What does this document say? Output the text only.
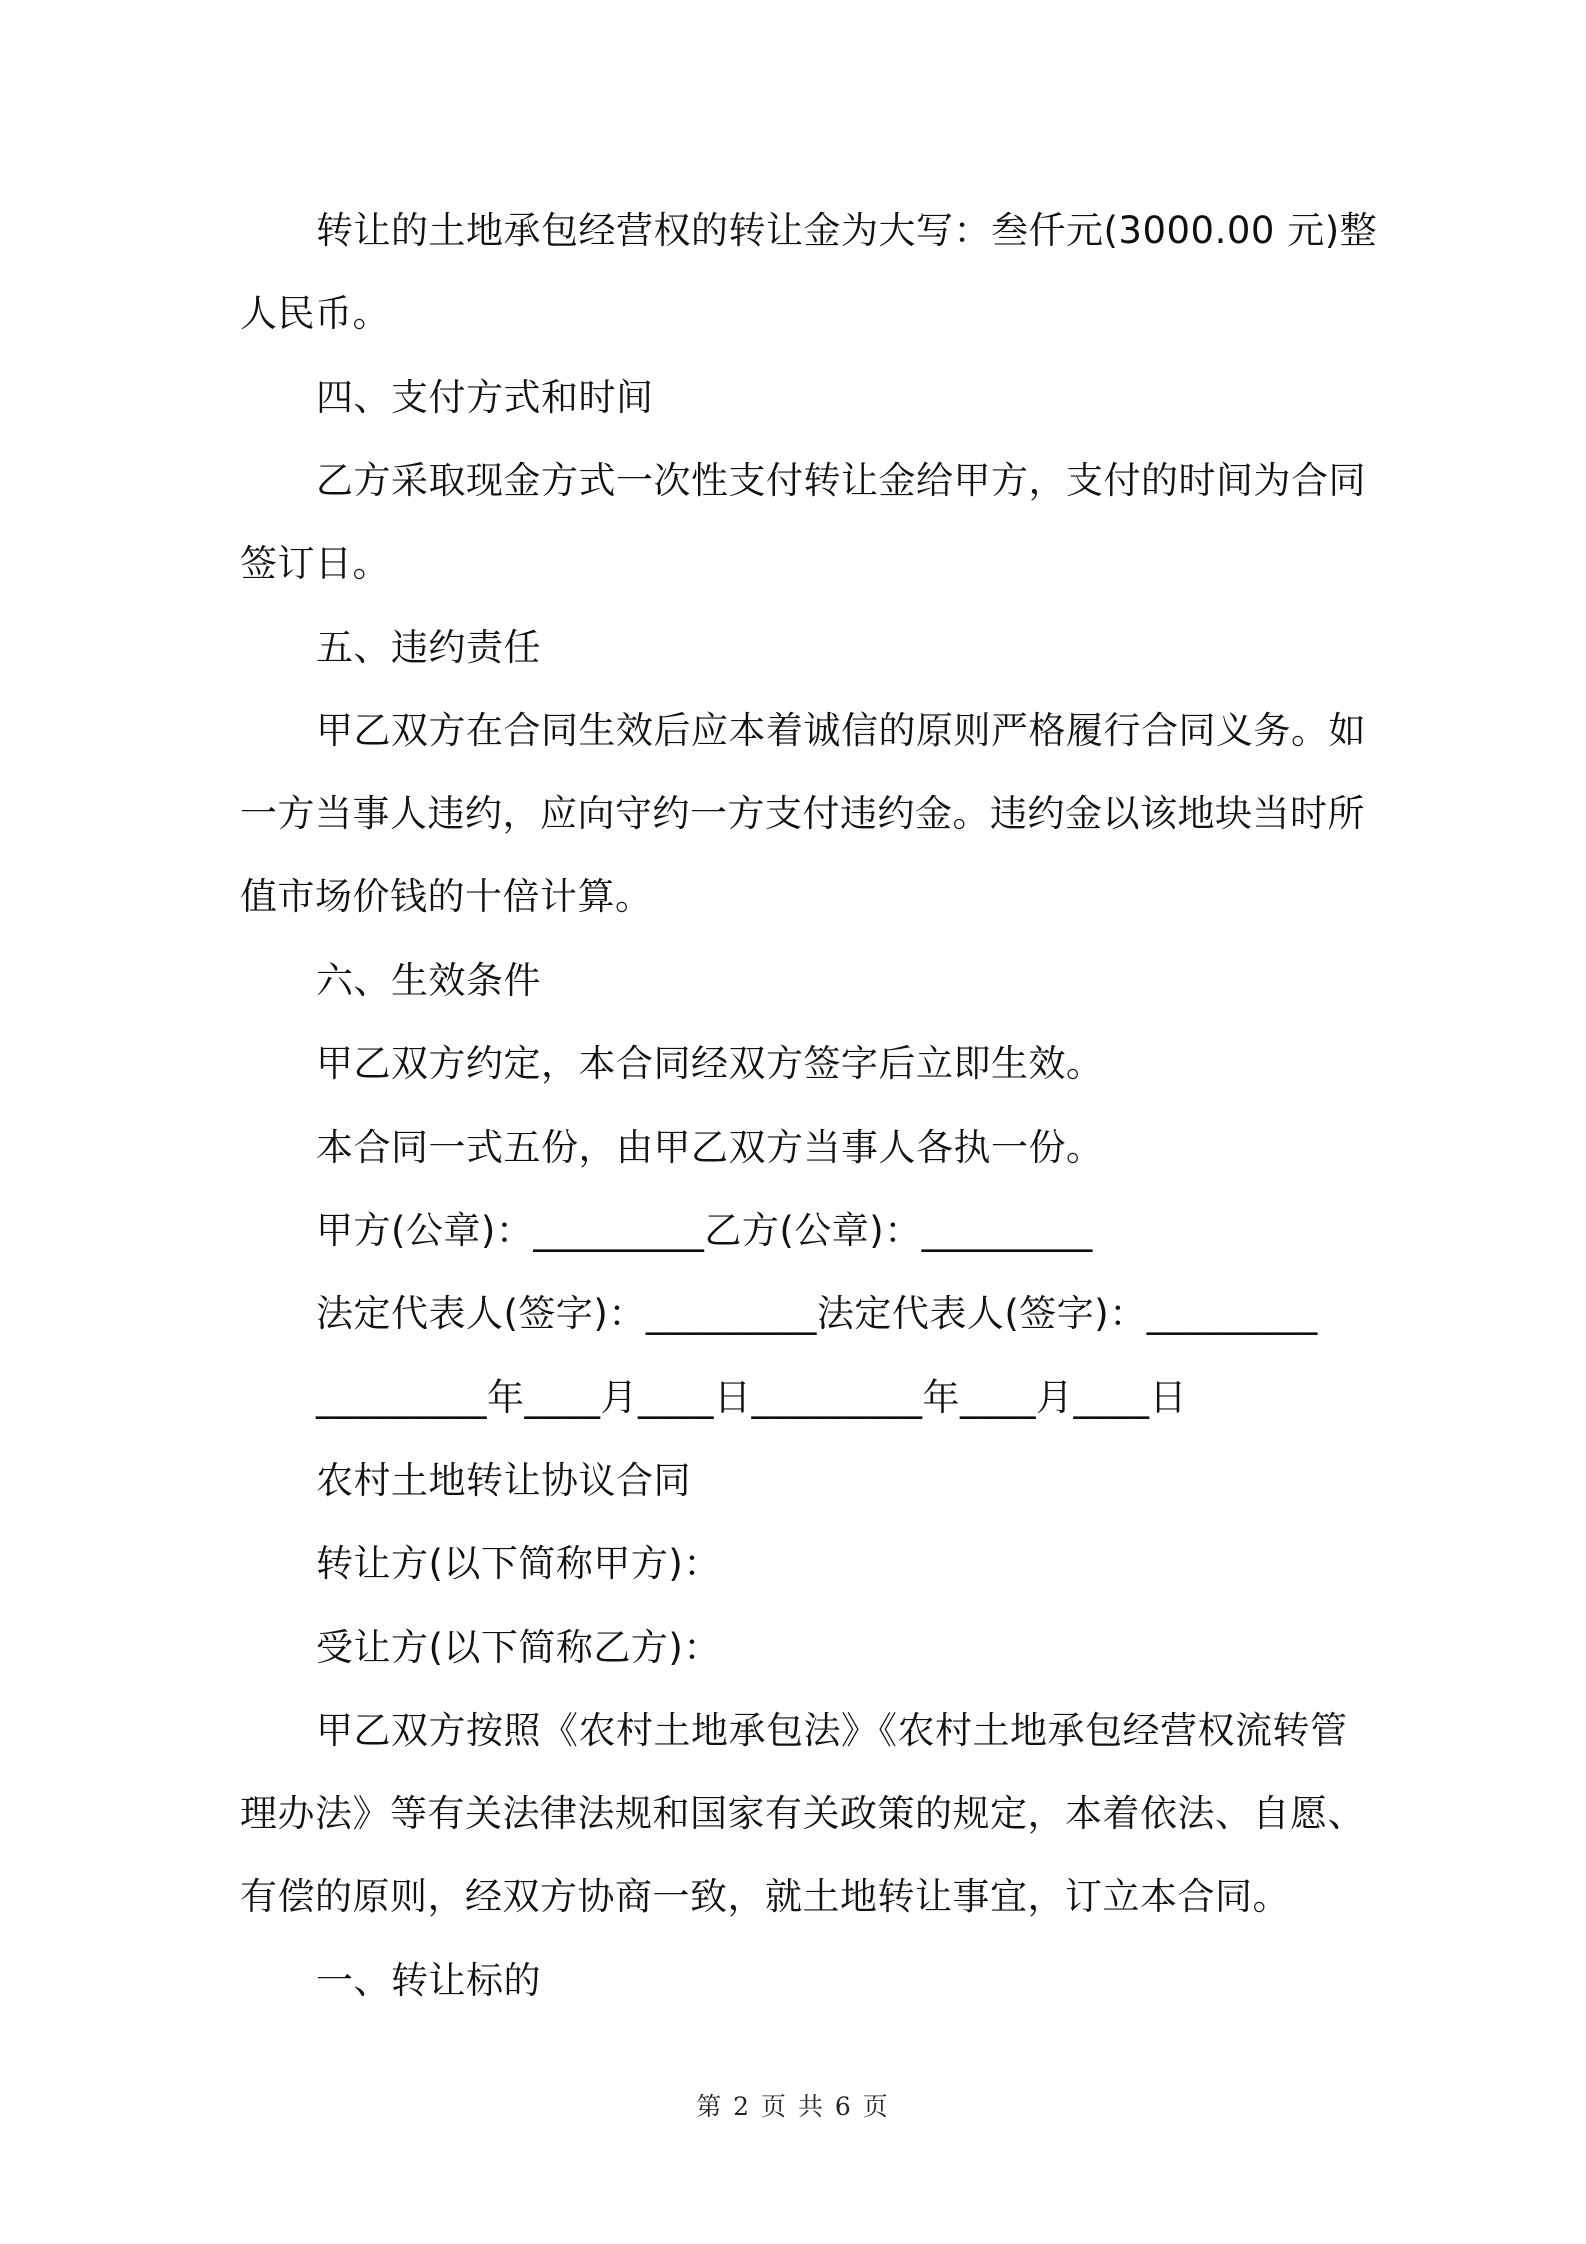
转让的土地承包经营权的转让金为大写：叁仟元(3000.00 元)整
人民币。
四、支付方式和时间
乙方采取现金方式一次性支付转让金给甲方，支付的时间为合同
签订日。
五、违约责任
甲乙双方在合同生效后应本着诚信的原则严格履行合同义务。如
一方当事人违约，应向守约一方支付违约金。违约金以该地块当时所
值市场价钱的十倍计算。
六、生效条件
甲乙双方约定，本合同经双方签字后立即生效。
本合同一式五份，由甲乙双方当事人各执一份。
甲方(公章)：_________乙方(公章)：_________
法定代表人(签字)：_________法定代表人(签字)：_________
_________年____月____日_________年____月____日
农村土地转让协议合同
转让方(以下简称甲方)：
受让方(以下简称乙方)：
甲乙双方按照《农村土地承包法》《农村土地承包经营权流转管
理办法》等有关法律法规和国家有关政策的规定，本着依法、自愿、
有偿的原则，经双方协商一致，就土地转让事宜，订立本合同。
一、转让标的
第 2 页 共 6 页
